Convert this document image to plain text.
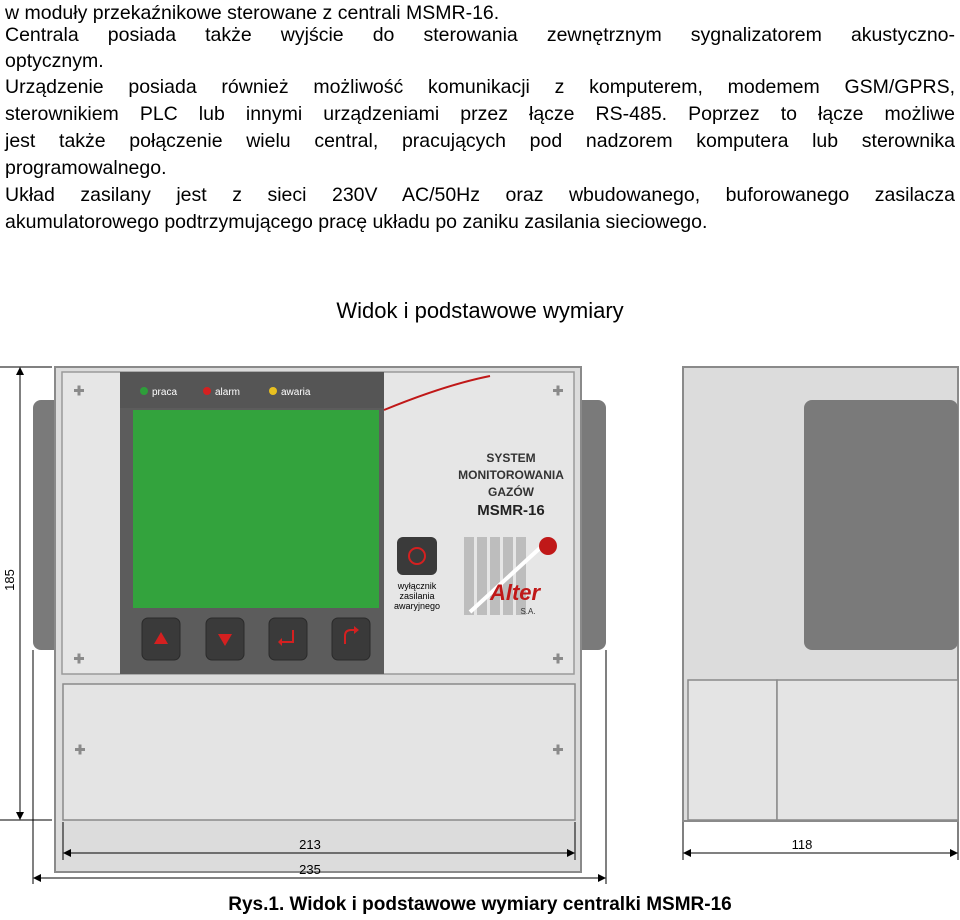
w moduły przekaźnikowe sterowane z centrali MSMR-16.
Centrala posiada także wyjście do sterowania zewnętrznym sygnalizatorem akustyczno-
optycznym.
Urządzenie posiada również możliwość komunikacji z komputerem, modemem GSM/GPRS,
sterownikiem PLC lub innymi urządzeniami przez łącze RS-485. Poprzez to łącze możliwe
jest także połączenie wielu central, pracujących pod nadzorem komputera lub sterownika
programowalnego.
Układ zasilany jest z sieci 230V AC/50Hz oraz wbudowanego, buforowanego zasilacza
akumulatorowego podtrzymującego pracę układu po zaniku zasilania sieciowego.
Widok i podstawowe wymiary
praca	alarm	awaria
wyłącznik
zasilania
awaryjnego
SYSTEM
MONITOROWANIA
GAZÓW
MSMR-16
Alter
S.A.
185
213
235
118
Rys.1. Widok i podstawowe wymiary centralki MSMR-16
